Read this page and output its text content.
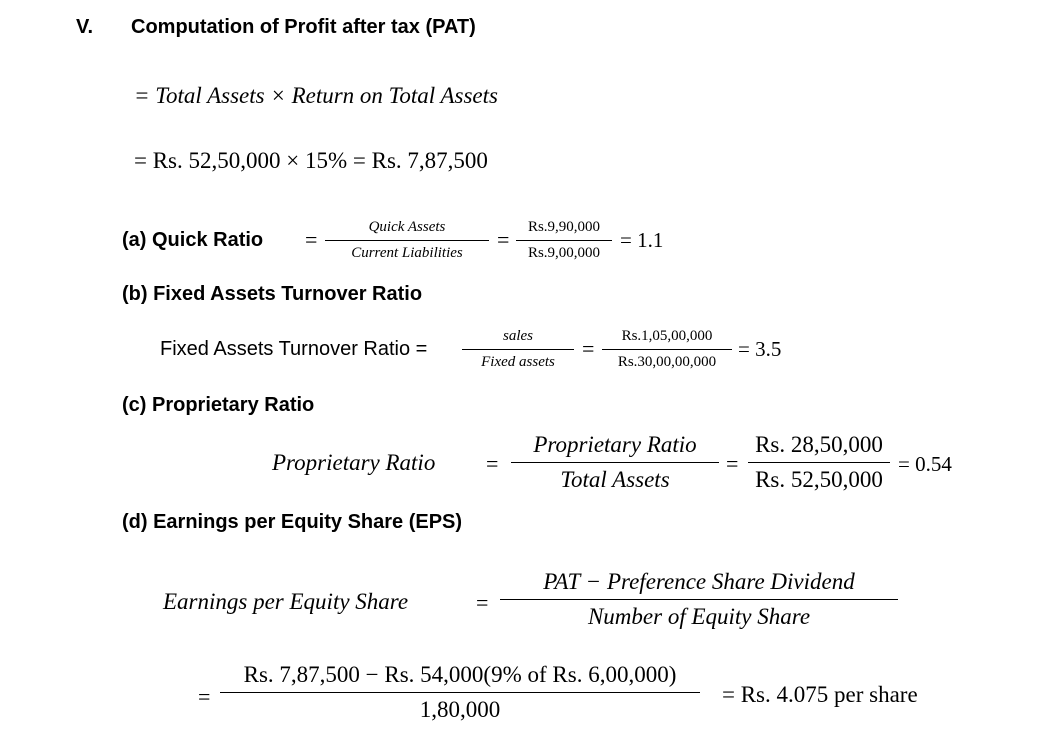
V. Computation of Profit after tax (PAT)
= Total Assets × Return on Total Assets
= Rs. 52,50,000 × 15% = Rs. 7,87,500
(a) Quick Ratio =	Quick Assets
Current Liabilities
=	Rs.9,90,000
Rs.9,00,000
= 1.1
(b) Fixed Assets Turnover Ratio
Fixed Assets Turnover Ratio =
sales
Fixed assets
=	Rs.1,05,00,000
Rs.30,00,00,000
= 3.5
(c) Proprietary Ratio
Proprietary Ratio =
Proprietary Ratio
Total Assets
=
Rs. 28,50,000
Rs. 52,50,000
= 0.54
(d) Earnings per Equity Share (EPS)
Earnings per Equity Share	=
PAT − Preference Share Dividend
Number of Equity Share
=
Rs. 7,87,500 − Rs. 54,000(9% of Rs. 6,00,000)
1,80,000
= Rs. 4.075 per share
